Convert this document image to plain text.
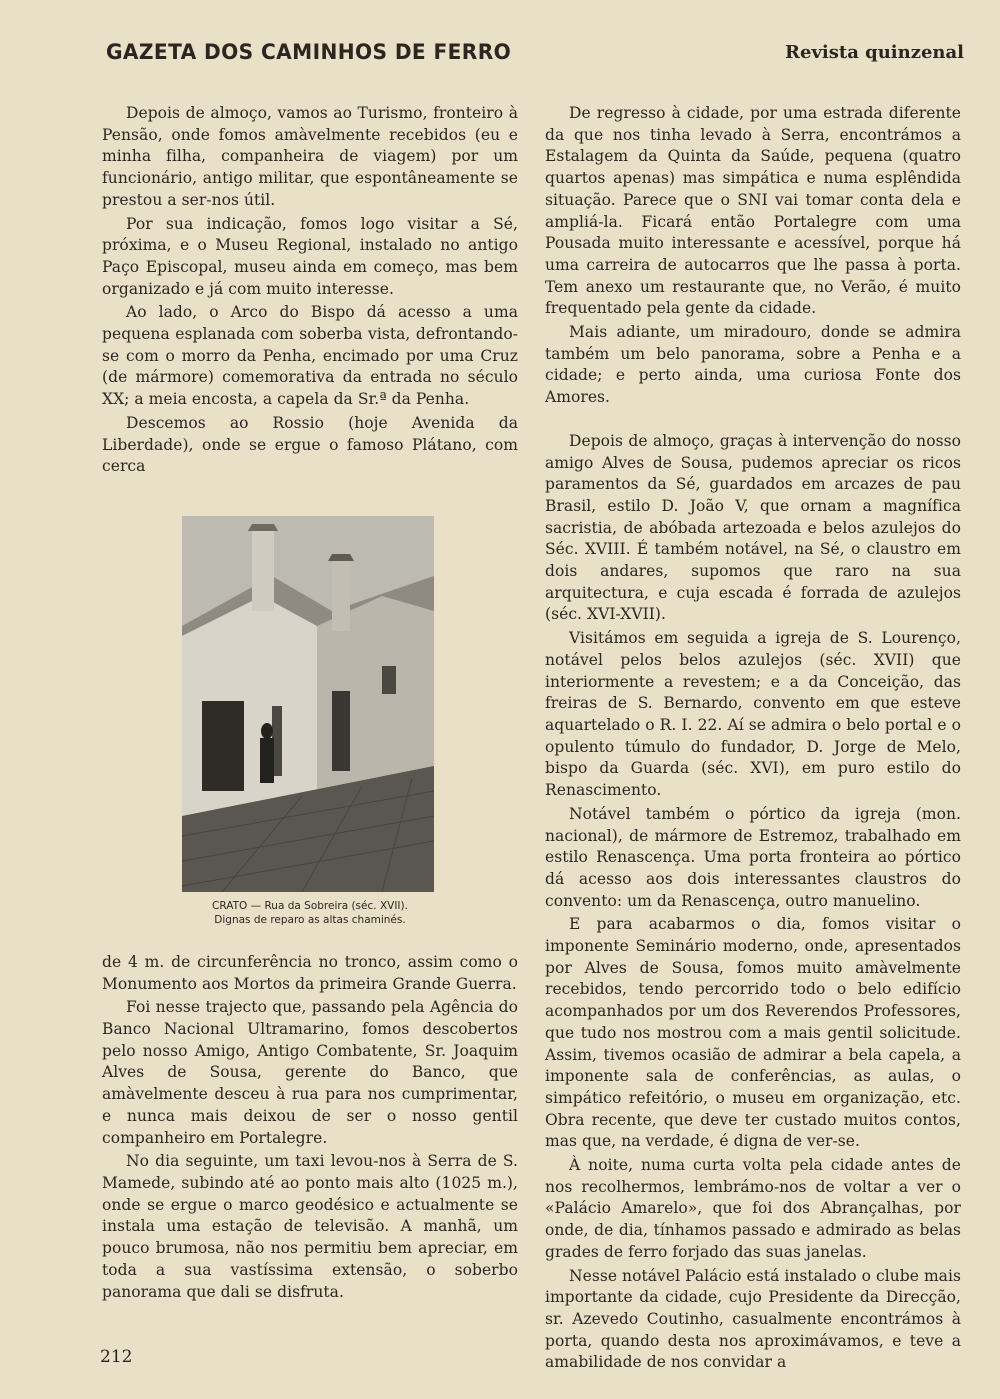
GAZETA DOS CAMINHOS DE FERRO	Revista quinzenal

Depois de almoço, vamos ao Turismo, fronteiro à Pensão, onde fomos amàvelmente recebidos (eu e minha filha, companheira de viagem) por um funcionário, antigo militar, que espontâneamente se prestou a ser-nos útil.

Por sua indicação, fomos logo visitar a Sé, próxima, e o Museu Regional, instalado no antigo Paço Episcopal, museu ainda em começo, mas bem organizado e já com muito interesse.

Ao lado, o Arco do Bispo dá acesso a uma pequena esplanada com soberba vista, defrontando-se com o morro da Penha, encimado por uma Cruz (de mármore) comemorativa da entrada no século XX; a meia encosta, a capela da Sr.ª da Penha.

Descemos ao Rossio (hoje Avenida da Liberdade), onde se ergue o famoso Plátano, com cerca

CRATO — Rua da Sobreira (séc. XVII).
Dignas de reparo as altas chaminés.

de 4 m. de circunferência no tronco, assim como o Monumento aos Mortos da primeira Grande Guerra.

Foi nesse trajecto que, passando pela Agência do Banco Nacional Ultramarino, fomos descobertos pelo nosso Amigo, Antigo Combatente, Sr. Joaquim Alves de Sousa, gerente do Banco, que amàvelmente desceu à rua para nos cumprimentar, e nunca mais deixou de ser o nosso gentil companheiro em Portalegre.

No dia seguinte, um taxi levou-nos à Serra de S. Mamede, subindo até ao ponto mais alto (1025 m.), onde se ergue o marco geodésico e actualmente se instala uma estação de televisão. A manhã, um pouco brumosa, não nos permitiu bem apreciar, em toda a sua vastíssima extensão, o soberbo panorama que dali se disfruta.

De regresso à cidade, por uma estrada diferente da que nos tinha levado à Serra, encontrámos a Estalagem da Quinta da Saúde, pequena (quatro quartos apenas) mas simpática e numa esplêndida situação. Parece que o SNI vai tomar conta dela e ampliá-la. Ficará então Portalegre com uma Pousada muito interessante e acessível, porque há uma carreira de autocarros que lhe passa à porta. Tem anexo um restaurante que, no Verão, é muito frequentado pela gente da cidade.

Mais adiante, um miradouro, donde se admira também um belo panorama, sobre a Penha e a cidade; e perto ainda, uma curiosa Fonte dos Amores.

Depois de almoço, graças à intervenção do nosso amigo Alves de Sousa, pudemos apreciar os ricos paramentos da Sé, guardados em arcazes de pau Brasil, estilo D. João V, que ornam a magnífica sacristia, de abóbada artezoada e belos azulejos do Séc. XVIII. É também notável, na Sé, o claustro em dois andares, supomos que raro na sua arquitectura, e cuja escada é forrada de azulejos (séc. XVI-XVII).

Visitámos em seguida a igreja de S. Lourenço, notável pelos belos azulejos (séc. XVII) que interiormente a revestem; e a da Conceição, das freiras de S. Bernardo, convento em que esteve aquartelado o R. I. 22. Aí se admira o belo portal e o opulento túmulo do fundador, D. Jorge de Melo, bispo da Guarda (séc. XVI), em puro estilo do Renascimento.

Notável também o pórtico da igreja (mon. nacional), de mármore de Estremoz, trabalhado em estilo Renascença. Uma porta fronteira ao pórtico dá acesso aos dois interessantes claustros do convento: um da Renascença, outro manuelino.

E para acabarmos o dia, fomos visitar o imponente Seminário moderno, onde, apresentados por Alves de Sousa, fomos muito amàvelmente recebidos, tendo percorrido todo o belo edifício acompanhados por um dos Reverendos Professores, que tudo nos mostrou com a mais gentil solicitude. Assim, tivemos ocasião de admirar a bela capela, a imponente sala de conferências, as aulas, o simpático refeitório, o museu em organização, etc. Obra recente, que deve ter custado muitos contos, mas que, na verdade, é digna de ver-se.

À noite, numa curta volta pela cidade antes de nos recolhermos, lembrámo-nos de voltar a ver o «Palácio Amarelo», que foi dos Abrançalhas, por onde, de dia, tínhamos passado e admirado as belas grades de ferro forjado das suas janelas.

Nesse notável Palácio está instalado o clube mais importante da cidade, cujo Presidente da Direcção, sr. Azevedo Coutinho, casualmente encontrámos à porta, quando desta nos aproximávamos, e teve a amabilidade de nos convidar a

212
